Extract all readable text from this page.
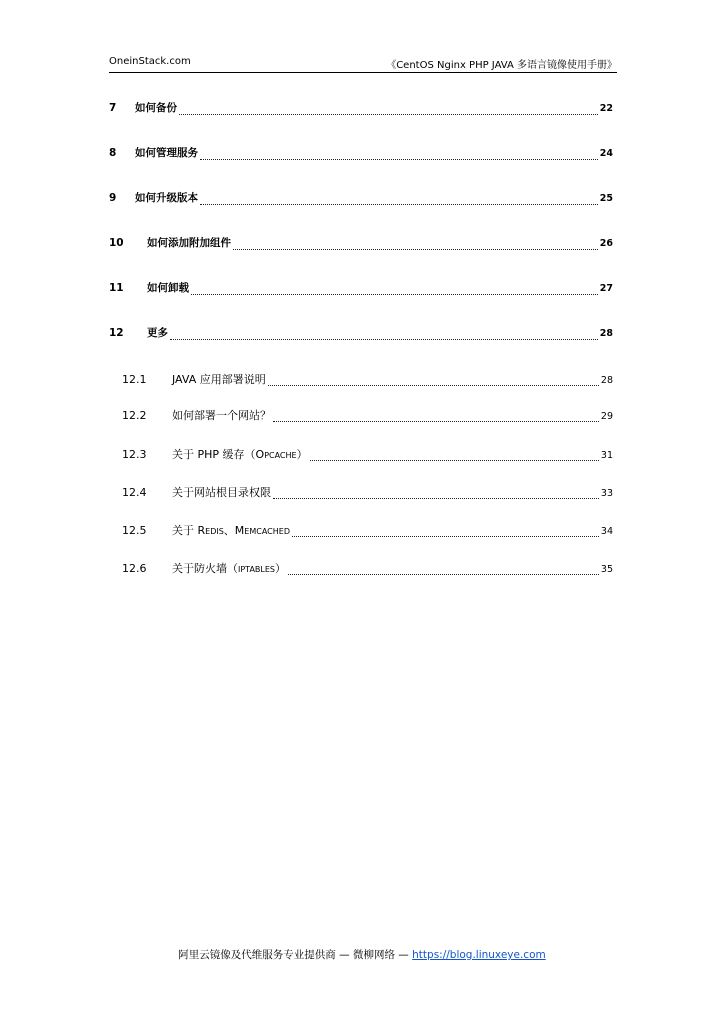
OneinStack.com	《CentOS Nginx PHP JAVA 多语言镜像使用手册》
7	如何备份	22
8	如何管理服务	24
9	如何升级版本	25
10	如何添加附加组件	26
11	如何卸载	27
12	更多	28
12.1	JAVA 应用部署说明	28
12.2	如何部署一个网站？	29
12.3	关于 PHP 缓存（Opcache）	31
12.4	关于网站根目录权限	33
12.5	关于 Redis、Memcached	34
12.6	关于防火墙（iptables）	35
阿里云镜像及代维服务专业提供商 — 微柳网络 — https://blog.linuxeye.com
